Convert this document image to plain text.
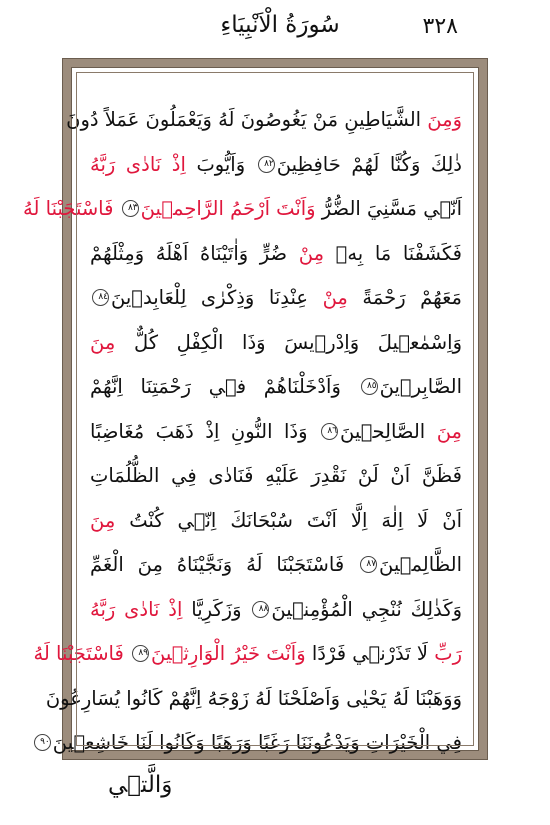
٣٢٨
سُورَةُ الْاَنْبِيَاءِ
وَمِنَ الشَّيَاطِينِ مَنْ يَغُوصُونَ لَهُ وَيَعْمَلُونَ عَمَلاً دُونَ
ذٰلِكَ وَكُنَّا لَهُمْ حَافِظِينَ٨٢ وَاَيُّوبَ اِذْ نَادٰى رَبَّهُ
اَنّ۪ي مَسَّنِيَ الضُّرُّ وَاَنْتَ اَرْحَمُ الرَّاحِم۪ينَ٨٣ فَاسْتَجَبْنَا لَهُ
فَكَشَفْنَا مَا بِه۪ مِنْ ضُرٍّ وَاٰتَيْنَاهُ اَهْلَهُ وَمِثْلَهُمْ
مَعَهُمْ رَحْمَةً مِنْ عِنْدِنَا وَذِكْرٰى لِلْعَابِد۪ينَ٨٤
وَاِسْمٰع۪يلَ وَاِدْر۪يسَ وَذَا الْكِفْلِ كُلٌّ مِنَ
الصَّابِر۪ينَ٨٥ وَاَدْخَلْنَاهُمْ ف۪ي رَحْمَتِنَا اِنَّهُمْ
مِنَ الصَّالِح۪ينَ٨٦ وَذَا النُّونِ اِذْ ذَهَبَ مُغَاضِبًا
فَظَنَّ اَنْ لَنْ نَقْدِرَ عَلَيْهِ فَنَادٰى فِي الظُّلُمَاتِ
اَنْ لَا اِلٰهَ اِلَّا اَنْتَ سُبْحَانَكَ اِنّ۪ي كُنْتُ مِنَ
الظَّالِم۪ينَ٨٧ فَاسْتَجَبْنَا لَهُ وَنَجَّيْنَاهُ مِنَ الْغَمِّ
وَكَذٰلِكَ نُنْجِي الْمُؤْمِن۪ينَ٨٨ وَزَكَرِيَّا اِذْ نَادٰى رَبَّهُ
رَبِّ لَا تَذَرْن۪ي فَرْدًا وَاَنْتَ خَيْرُ الْوَارِث۪ينَ٨٩ فَاسْتَجَبْنَا لَهُ
وَوَهَبْنَا لَهُ يَحْيٰى وَاَصْلَحْنَا لَهُ زَوْجَهُ اِنَّهُمْ كَانُوا يُسَارِعُونَ
فِي الْخَيْرَاتِ وَيَدْعُونَنَا رَغَبًا وَرَهَبًا وَكَانُوا لَنَا خَاشِع۪ينَ٩٠
وَالَّت۪ي
